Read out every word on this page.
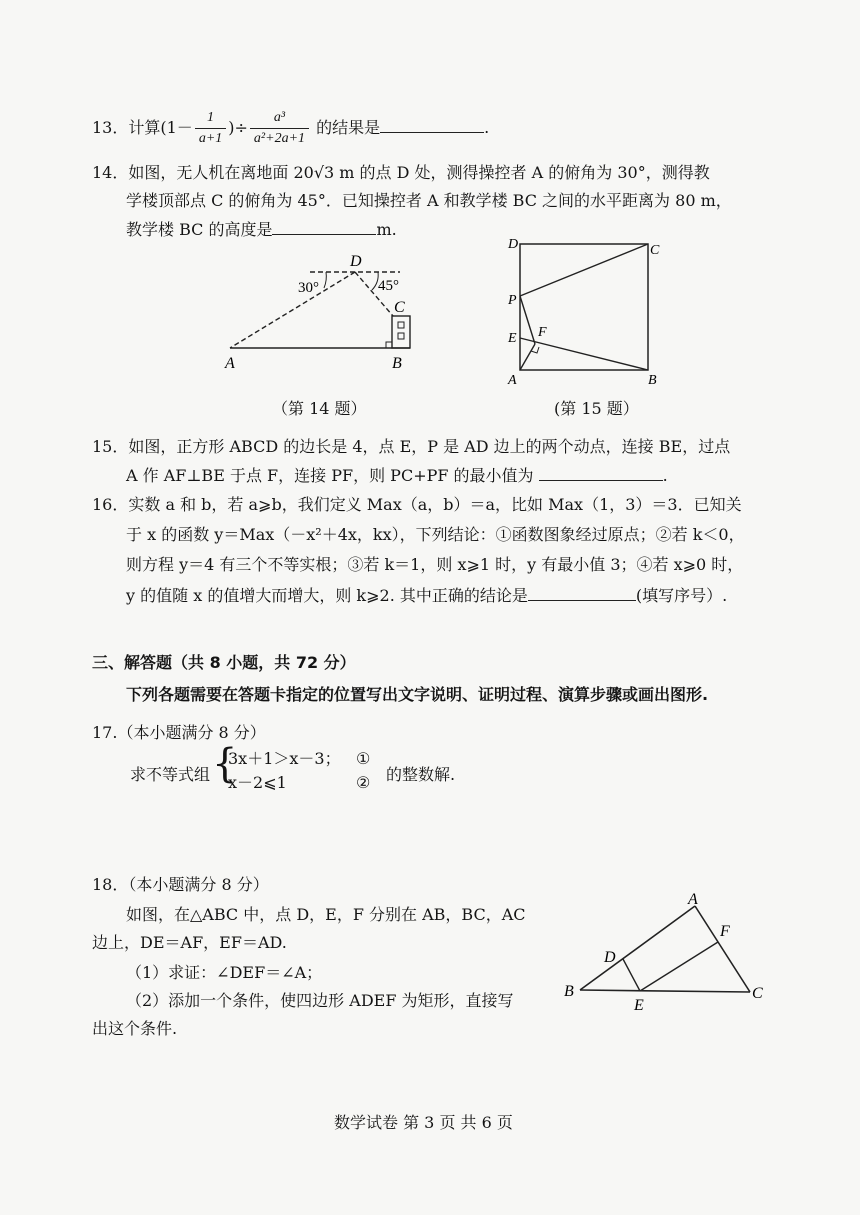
13．计算($1- \frac{1}{a+1}$ )÷ $\frac{\text{a³}}{\text{a²+2a+1}}$ 的结果是	.
14．如图，无人机在离地面 20√3 m 的点 D 处，测得操控者 A 的俯角为 30°，测得教
学楼顶部点 C 的俯角为 45°．已知操控者 A 和教学楼 BC 之间的水平距离为 80 m，
教学楼 BC 的高度是	m.
D
30°	45°
C
A	B
（第 14 题）
D	C
P
E F
A	B
(第 15 题）
15．如图，正方形 ABCD 的边长是 4，点 E，P 是 AD 边上的两个动点，连接 BE，过点
A 作 AF⊥BE 于点 F，连接 PF，则 PC+PF 的最小值为	.
16．实数 a 和 b，若 a⩾b，我们定义 Max（a，b）＝a，比如 Max（1，3）＝3．已知关
于 x 的函数 y＝Max（－x²＋4x，kx），下列结论：①函数图象经过原点；②若 k＜0，
则方程 y＝4 有三个不等实根；③若 k＝1，则 x⩾1 时，y 有最小值 3；④若 x⩾0 时，
y 的值随 x 的值增大而增大，则 k⩾2. 其中正确的结论是	(填写序号）.
三、解答题（共 8 小题，共 72 分）
下列各题需要在答题卡指定的位置写出文字说明、证明过程、演算步骤或画出图形.
17.（本小题满分 8 分）
求不等式组 {
3x＋1＞x－3；
x－2⩽1
①
② 的整数解.
18．（本小题满分 8 分）
如图，在△ABC 中，点 D，E，F 分别在 AB，BC，AC
边上，DE＝AF，EF＝AD.
（1）求证：∠DEF＝∠A；
（2）添加一个条件，使四边形 ADEF 为矩形，直接写
出这个条件.
A
F
D
B
E
C
数学试卷 第 3 页 共 6 页
